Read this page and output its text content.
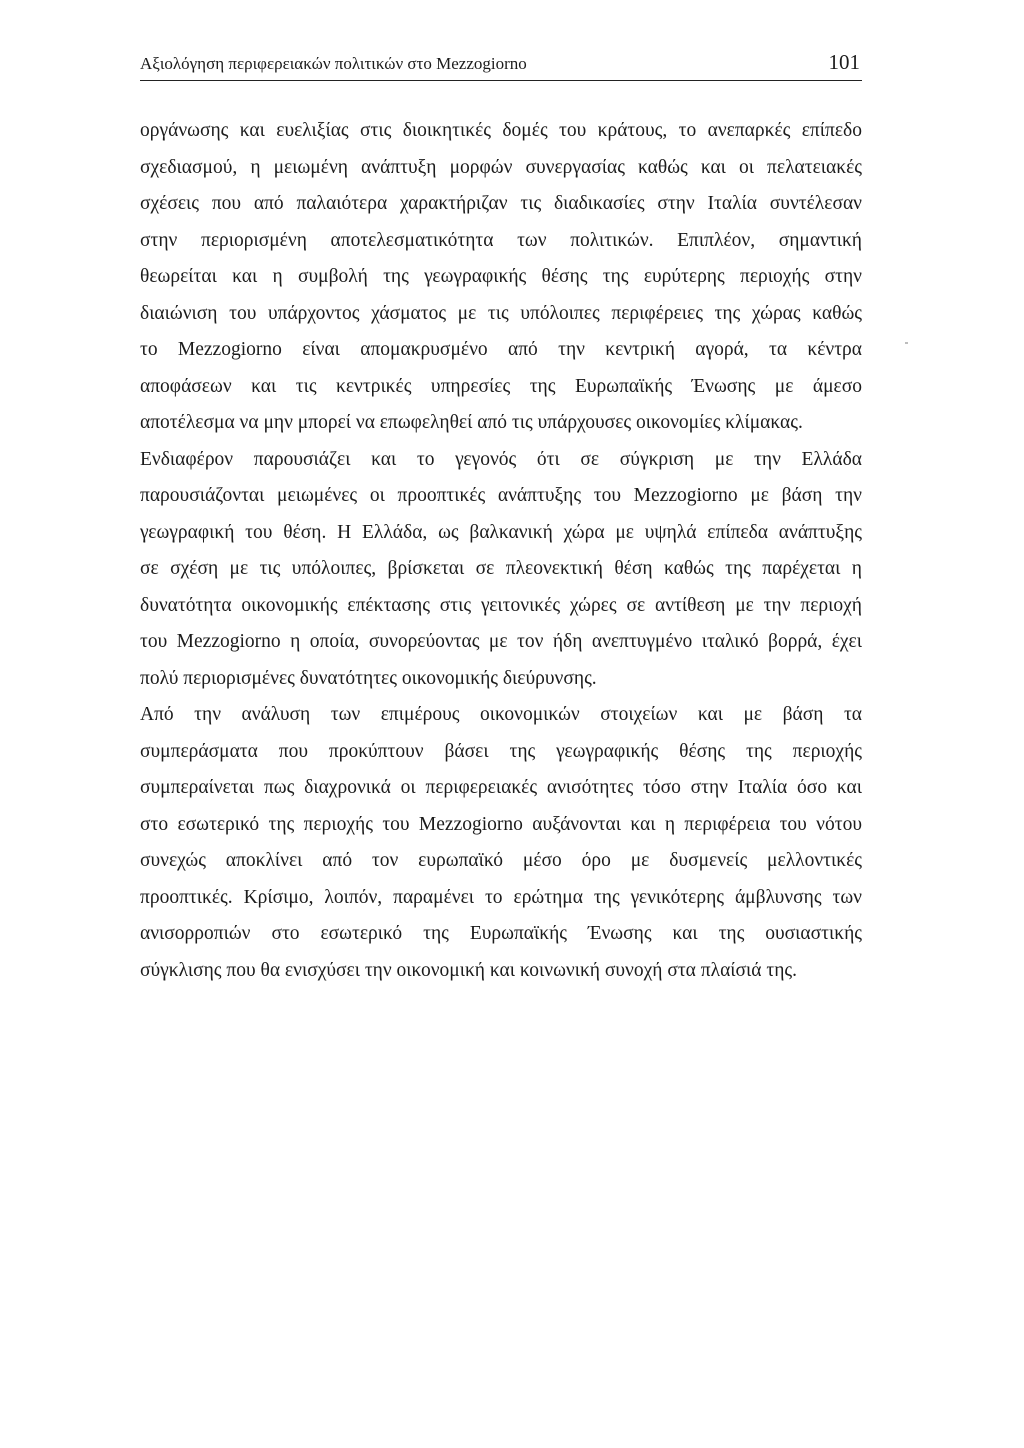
Αξιολόγηση περιφερειακών πολιτικών στο Mezzogiorno	101
οργάνωσης και ευελιξίας στις διοικητικές δομές του κράτους, το ανεπαρκές επίπεδο
σχεδιασμού, η μειωμένη ανάπτυξη μορφών συνεργασίας καθώς και οι πελατειακές
σχέσεις που από παλαιότερα χαρακτήριζαν τις διαδικασίες στην Ιταλία συντέλεσαν
στην περιορισμένη αποτελεσματικότητα των πολιτικών. Επιπλέον, σημαντική
θεωρείται και η συμβολή της γεωγραφικής θέσης της ευρύτερης περιοχής στην
διαιώνιση του υπάρχοντος χάσματος με τις υπόλοιπες περιφέρειες της χώρας καθώς
το Mezzogiorno είναι απομακρυσμένο από την κεντρική αγορά, τα κέντρα
αποφάσεων και τις κεντρικές υπηρεσίες της Ευρωπαϊκής Ένωσης με άμεσο
αποτέλεσμα να μην μπορεί να επωφεληθεί από τις υπάρχουσες οικονομίες κλίμακας.
Ενδιαφέρον παρουσιάζει και το γεγονός ότι σε σύγκριση με την Ελλάδα
παρουσιάζονται μειωμένες οι προοπτικές ανάπτυξης του Mezzogiorno με βάση την
γεωγραφική του θέση. Η Ελλάδα, ως βαλκανική χώρα με υψηλά επίπεδα ανάπτυξης
σε σχέση με τις υπόλοιπες, βρίσκεται σε πλεονεκτική θέση καθώς της παρέχεται η
δυνατότητα οικονομικής επέκτασης στις γειτονικές χώρες σε αντίθεση με την περιοχή
του Mezzogiorno η οποία, συνορεύοντας με τον ήδη ανεπτυγμένο ιταλικό βορρά, έχει
πολύ περιορισμένες δυνατότητες οικονομικής διεύρυνσης.
Από την ανάλυση των επιμέρους οικονομικών στοιχείων και με βάση τα
συμπεράσματα που προκύπτουν βάσει της γεωγραφικής θέσης της περιοχής
συμπεραίνεται πως διαχρονικά οι περιφερειακές ανισότητες τόσο στην Ιταλία όσο και
στο εσωτερικό της περιοχής του Mezzogiorno αυξάνονται και η περιφέρεια του νότου
συνεχώς αποκλίνει από τον ευρωπαϊκό μέσο όρο με δυσμενείς μελλοντικές
προοπτικές. Κρίσιμο, λοιπόν, παραμένει το ερώτημα της γενικότερης άμβλυνσης των
ανισορροπιών στο εσωτερικό της Ευρωπαϊκής Ένωσης και της ουσιαστικής
σύγκλισης που θα ενισχύσει την οικονομική και κοινωνική συνοχή στα πλαίσιά της.
